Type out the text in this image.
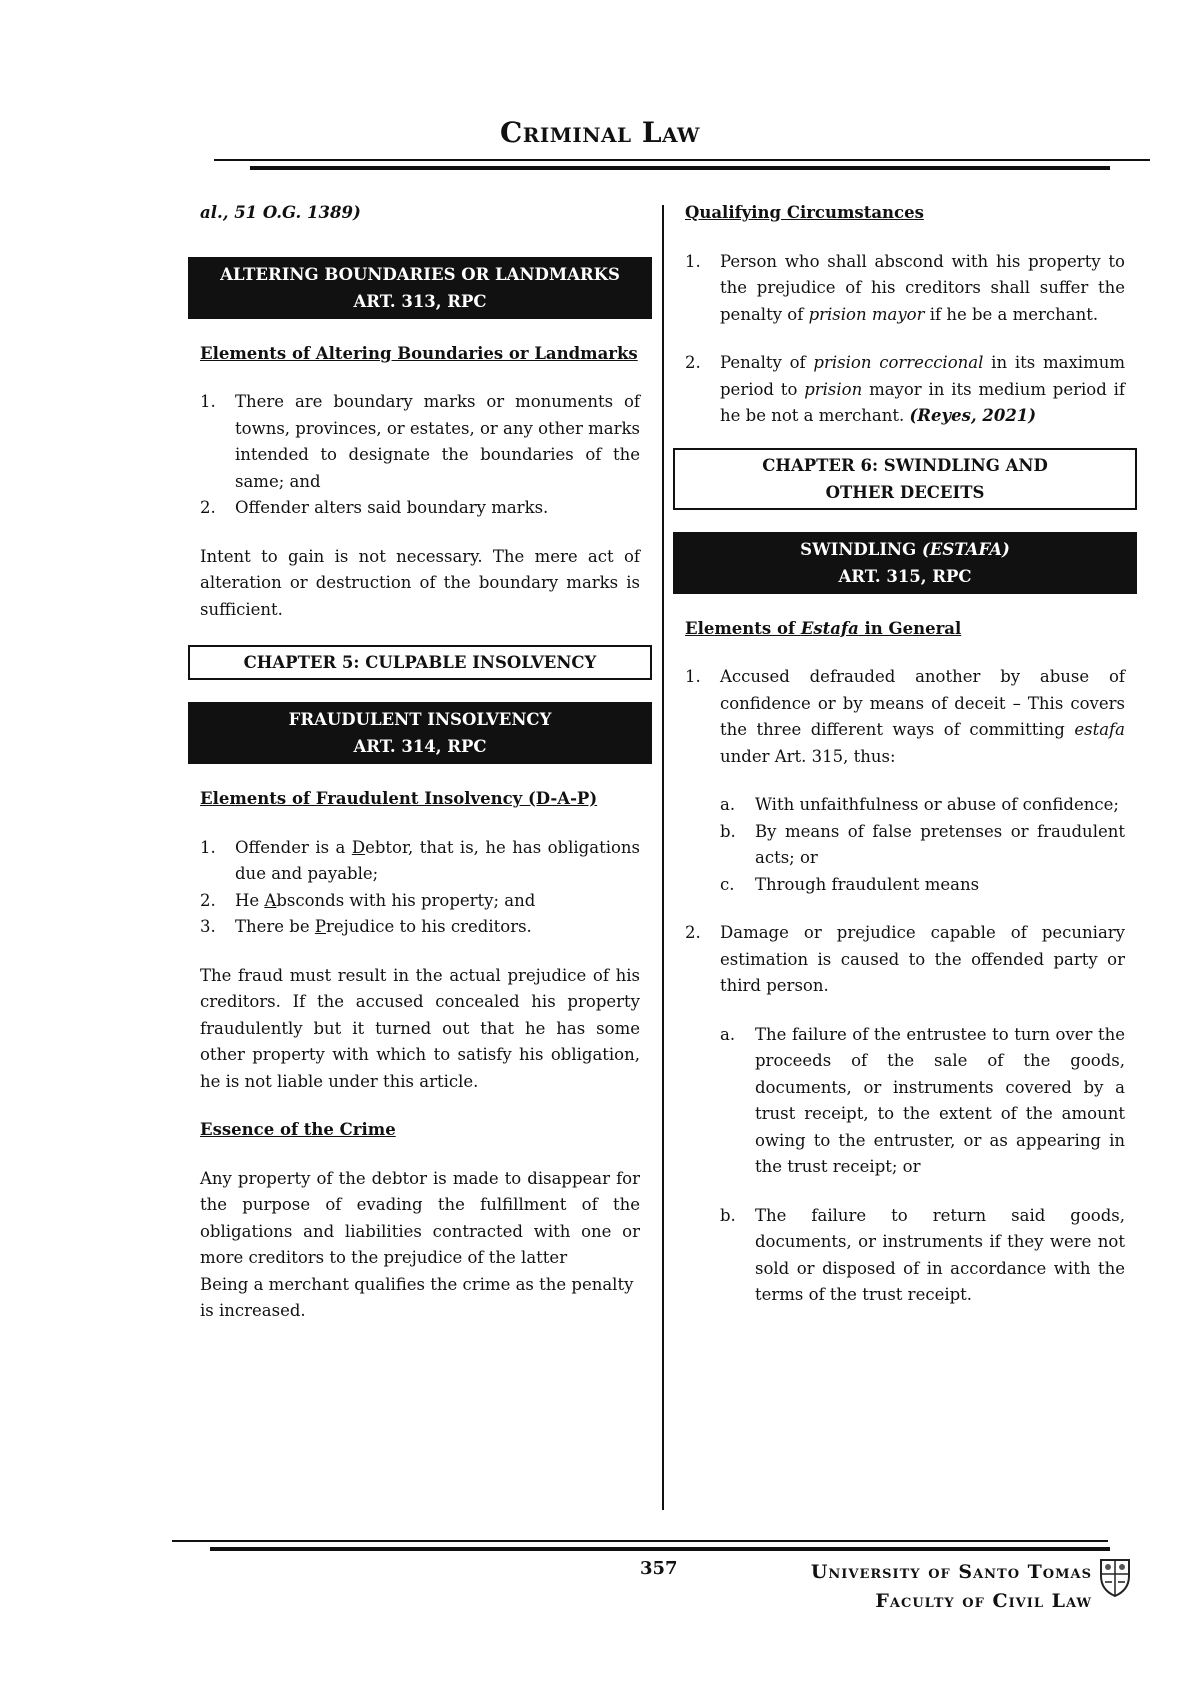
Criminal Law

al., 51 O.G. 1389)

ALTERING BOUNDARIES OR LANDMARKS
ART. 313, RPC

Elements of Altering Boundaries or Landmarks

1. There are boundary marks or monuments of towns, provinces, or estates, or any other marks intended to designate the boundaries of the same; and
2. Offender alters said boundary marks.

Intent to gain is not necessary. The mere act of alteration or destruction of the boundary marks is sufficient.

CHAPTER 5: CULPABLE INSOLVENCY
FRAUDULENT INSOLVENCY
ART. 314, RPC

Elements of Fraudulent Insolvency (D-A-P)

1. Offender is a Debtor, that is, he has obligations due and payable;
2. He Absconds with his property; and
3. There be Prejudice to his creditors.

The fraud must result in the actual prejudice of his creditors. If the accused concealed his property fraudulently but it turned out that he has some other property with which to satisfy his obligation, he is not liable under this article.

Essence of the Crime

Any property of the debtor is made to disappear for the purpose of evading the fulfillment of the obligations and liabilities contracted with one or more creditors to the prejudice of the latter

Being a merchant qualifies the crime as the penalty is increased.

Qualifying Circumstances

1. Person who shall abscond with his property to the prejudice of his creditors shall suffer the penalty of prision mayor if he be a merchant.
2. Penalty of prision correccional in its maximum period to prision mayor in its medium period if he be not a merchant. (Reyes, 2021)
CHAPTER 6: SWINDLING AND
OTHER DECEITS
SWINDLING (ESTAFA)
ART. 315, RPC

Elements of Estafa in General

1. Accused defrauded another by abuse of confidence or by means of deceit – This covers the three different ways of committing estafa under Art. 315, thus:
a. With unfaithfulness or abuse of confidence;
b. By means of false pretenses or fraudulent acts; or
c. Through fraudulent means
2. Damage or prejudice capable of pecuniary estimation is caused to the offended party or third person.
a. The failure of the entrustee to turn over the proceeds of the sale of the goods, documents, or instruments covered by a trust receipt, to the extent of the amount owing to the entruster, or as appearing in the trust receipt; or
b. The failure to return said goods, documents, or instruments if they were not sold or disposed of in accordance with the terms of the trust receipt.
357	University of Santo Tomas
Faculty of Civil Law
